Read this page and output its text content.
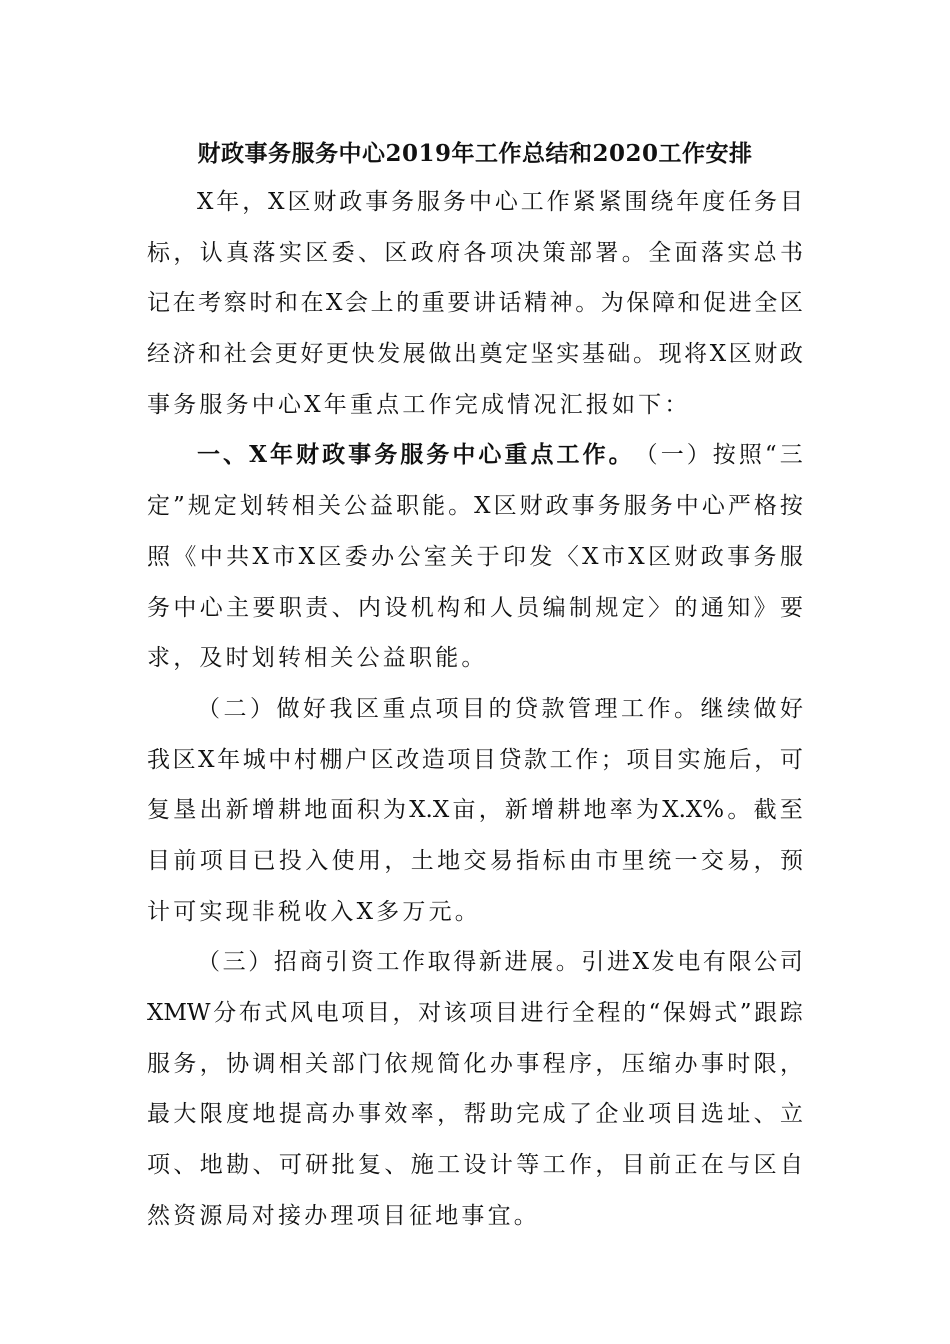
财政事务服务中心2019年工作总结和2020工作安排
X 年 ， X 区 财 政 事 务 服 务 中 心 工 作 紧 紧 围 绕 年 度 任 务 目
标 ， 认 真 落 实 区 委 、 区 政 府 各 项 决 策 部 署 。 全 面 落 实 总 书
记 在 考 察 时 和 在 X 会 上 的 重 要 讲 话 精 神 。 为 保 障 和 促 进 全 区
经 济 和 社 会 更 好 更 快 发 展 做 出 奠 定 坚 实 基 础 。 现 将 X 区 财 政
事务服务中心X年重点工作完成情况汇报如下：
一 、 X 年 财 政 事 务 服 务 中 心 重 点 工 作 。 （ 一 ） 按 照 “ 三
定 ” 规 定 划 转 相 关 公 益 职 能 。 X 区 财 政 事 务 服 务 中 心 严 格 按
照 《 中 共 X 市 X 区 委 办 公 室 关 于 印 发 〈 X 市 X 区 财 政 事 务 服
务 中 心 主 要 职 责 、 内 设 机 构 和 人 员 编 制 规 定 〉 的 通 知 》 要
求，及时划转相关公益职能。
（ 二 ） 做 好 我 区 重 点 项 目 的 贷 款 管 理 工 作 。 继 续 做 好
我 区 X 年 城 中 村 棚 户 区 改 造 项 目 贷 款 工 作 ； 项 目 实 施 后 ， 可
复 垦 出 新 增 耕 地 面 积 为 X.X 亩 ， 新 增 耕 地 率 为 X.X% 。 截 至
目 前 项 目 已 投 入 使 用 ， 土 地 交 易 指 标 由 市 里 统 一 交 易 ， 预
计可实现非税收入X多万元。
（ 三 ） 招 商 引 资 工 作 取 得 新 进 展 。 引 进 X 发 电 有 限 公 司
XMW 分 布 式 风 电 项 目 ， 对 该 项 目 进 行 全 程 的 “ 保 姆 式 ” 跟 踪
服 务 ， 协 调 相 关 部 门 依 规 简 化 办 事 程 序 ， 压 缩 办 事 时 限 ，
最 大 限 度 地 提 高 办 事 效 率 ， 帮 助 完 成 了 企 业 项 目 选 址 、 立
项 、 地 勘 、 可 研 批 复 、 施 工 设 计 等 工 作 ， 目 前 正 在 与 区 自
然资源局对接办理项目征地事宜。
